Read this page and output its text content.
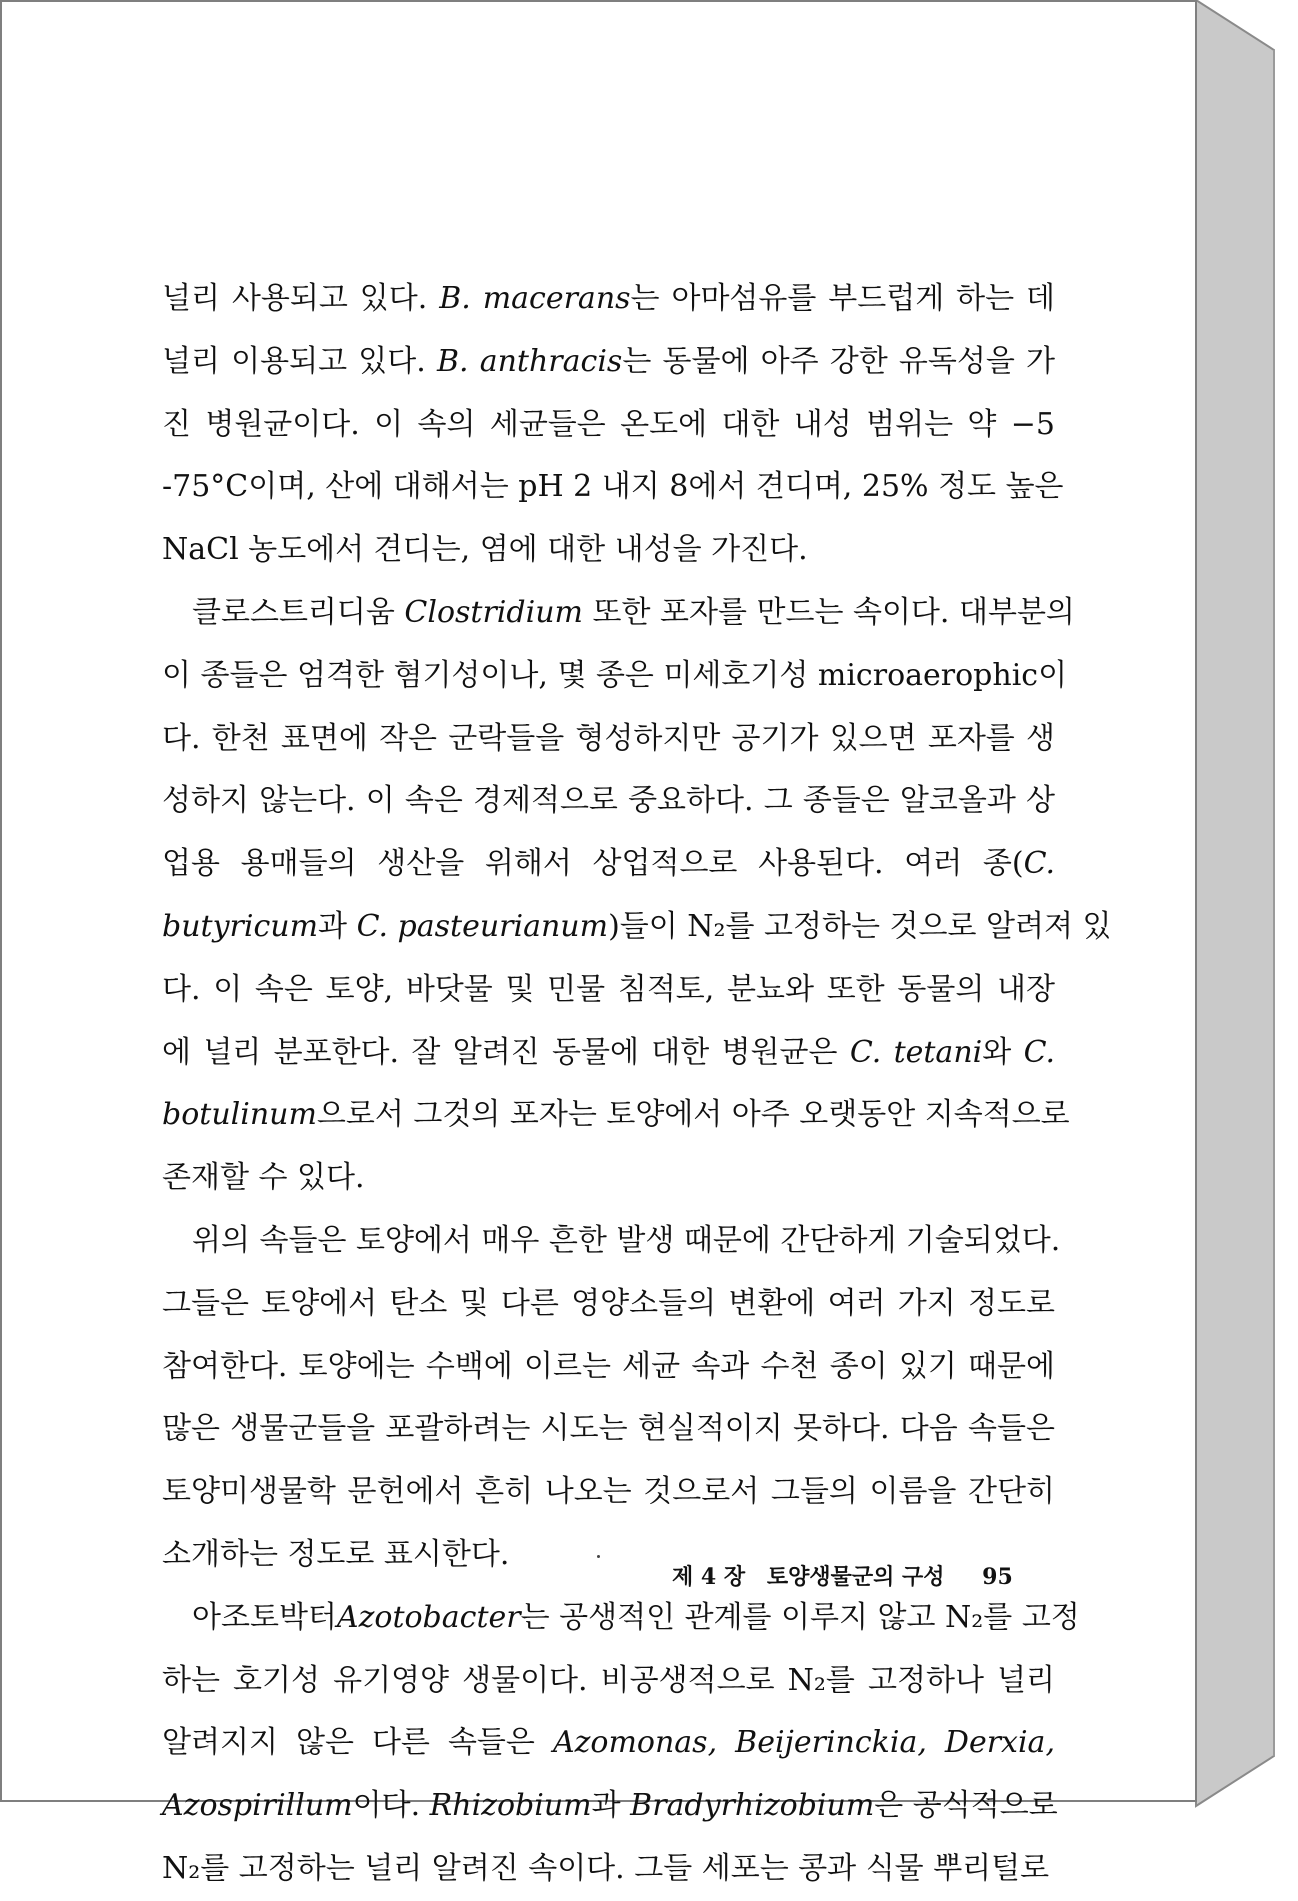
널리 사용되고 있다. B. macerans는 아마섬유를 부드럽게 하는 데
널리 이용되고 있다. B. anthracis는 동물에 아주 강한 유독성을 가
진 병원균이다. 이 속의 세균들은 온도에 대한 내성 범위는 약 −5
-75°C이며, 산에 대해서는 pH 2 내지 8에서 견디며, 25% 정도 높은
NaCl 농도에서 견디는, 염에 대한 내성을 가진다.
클로스트리디움 Clostridium 또한 포자를 만드는 속이다. 대부분의
이 종들은 엄격한 혐기성이나, 몇 종은 미세호기성 microaerophic이
다. 한천 표면에 작은 군락들을 형성하지만 공기가 있으면 포자를 생
성하지 않는다. 이 속은 경제적으로 중요하다. 그 종들은 알코올과 상
업용 용매들의 생산을 위해서 상업적으로 사용된다. 여러 종(C.
butyricum과 C. pasteurianum)들이 N₂를 고정하는 것으로 알려져 있
다. 이 속은 토양, 바닷물 및 민물 침적토, 분뇨와 또한 동물의 내장
에 널리 분포한다. 잘 알려진 동물에 대한 병원균은 C. tetani와 C.
botulinum으로서 그것의 포자는 토양에서 아주 오랫동안 지속적으로
존재할 수 있다.
위의 속들은 토양에서 매우 흔한 발생 때문에 간단하게 기술되었다.
그들은 토양에서 탄소 및 다른 영양소들의 변환에 여러 가지 정도로
참여한다. 토양에는 수백에 이르는 세균 속과 수천 종이 있기 때문에
많은 생물군들을 포괄하려는 시도는 현실적이지 못하다. 다음 속들은
토양미생물학 문헌에서 흔히 나오는 것으로서 그들의 이름을 간단히
소개하는 정도로 표시한다.
아조토박터Azotobacter는 공생적인 관계를 이루지 않고 N₂를 고정
하는 호기성 유기영양 생물이다. 비공생적으로 N₂를 고정하나 널리
알려지지 않은 다른 속들은 Azomonas, Beijerinckia, Derxia,
Azospirillum이다. Rhizobium과 Bradyrhizobium은 공식적으로
N₂를 고정하는 널리 알려진 속이다. 그들 세포는 콩과 식물 뿌리털로
제 4 장 토양생물군의 구성 95
